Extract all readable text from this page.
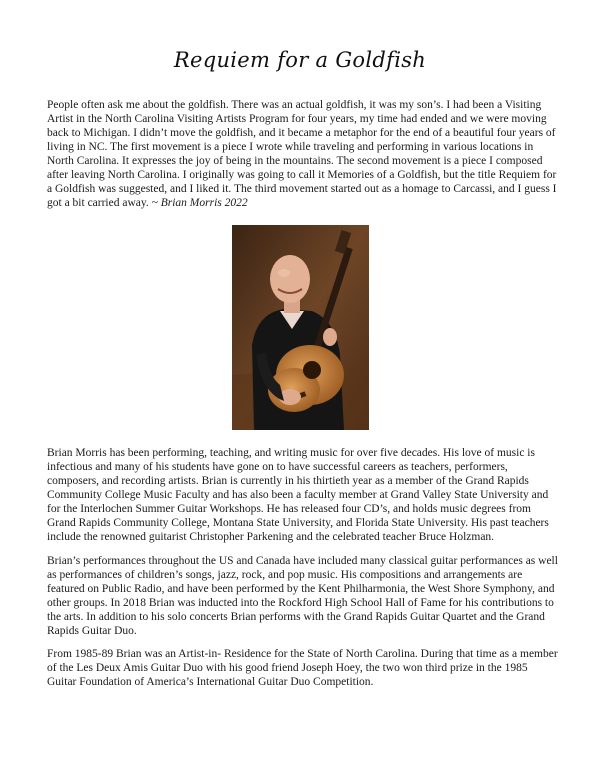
Requiem for a Goldfish

People often ask me about the goldfish. There was an actual goldfish, it was my son’s. I had been a Visiting Artist in the North Carolina Visiting Artists Program for four years, my time had ended and we were moving back to Michigan. I didn’t move the goldfish, and it became a metaphor for the end of a beautiful four years of living in NC. The first movement is a piece I wrote while traveling and performing in various locations in North Carolina. It expresses the joy of being in the mountains. The second movement is a piece I composed after leaving North Carolina. I originally was going to call it Memories of a Goldfish, but the title Requiem for a Goldfish was suggested, and I liked it. The third movement started out as a homage to Carcassi, and I guess I got a bit carried away. ~ Brian Morris 2022

Brian Morris has been performing, teaching, and writing music for over five decades. His love of music is infectious and many of his students have gone on to have successful careers as teachers, performers, composers, and recording artists. Brian is currently in his thirtieth year as a member of the Grand Rapids Community College Music Faculty and has also been a faculty member at Grand Valley State University and for the Interlochen Summer Guitar Workshops. He has released four CD’s, and holds music degrees from Grand Rapids Community College, Montana State University, and Florida State University. His past teachers include the renowned guitarist Christopher Parkening and the celebrated teacher Bruce Holzman.

Brian’s performances throughout the US and Canada have included many classical guitar performances as well as performances of children’s songs, jazz, rock, and pop music. His compositions and arrangements are featured on Public Radio, and have been performed by the Kent Philharmonia, the West Shore Symphony, and other groups. In 2018 Brian was inducted into the Rockford High School Hall of Fame for his contributions to the arts. In addition to his solo concerts Brian performs with the Grand Rapids Guitar Quartet and the Grand Rapids Guitar Duo.

From 1985-89 Brian was an Artist-in- Residence for the State of North Carolina. During that time as a member of the Les Deux Amis Guitar Duo with his good friend Joseph Hoey, the two won third prize in the 1985 Guitar Foundation of America’s International Guitar Duo Competition.
